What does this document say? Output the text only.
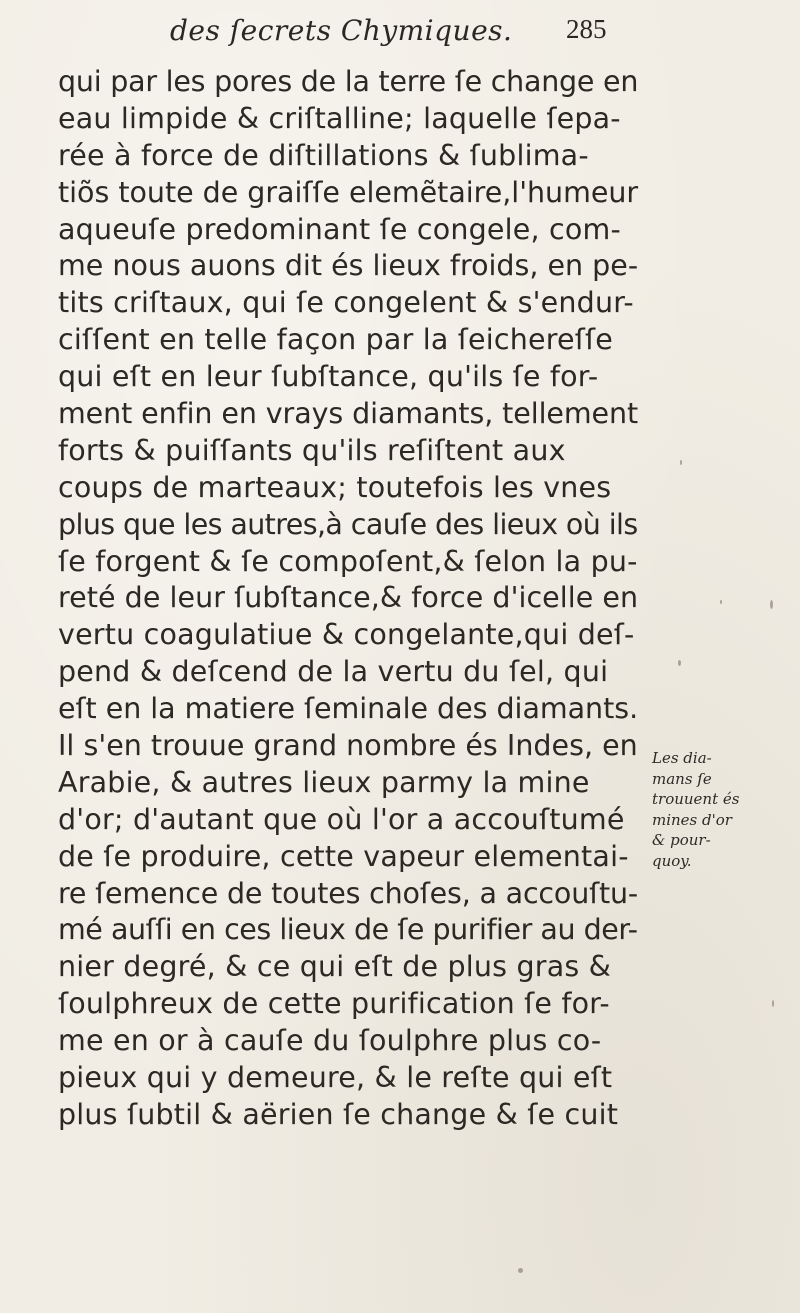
des ſecrets Chymiques. 285
qui par les pores de la terre ſe change en
eau limpide & criſtalline; laquelle ſepa-
rée à force de diſtillations & ſublima-
tiõs toute de graiſſe elemẽtaire,l'humeur
aqueuſe predominant ſe congele, com-
me nous auons dit és lieux froids, en pe-
tits criſtaux, qui ſe congelent & s'endur-
ciſſent en telle façon par la ſeichereſſe
qui eſt en leur ſubſtance, qu'ils ſe for-
ment enfin en vrays diamants, tellement
forts & puiſſants qu'ils reſiſtent aux
coups de marteaux; toutefois les vnes
plus que les autres,à cauſe des lieux où ils
ſe forgent & ſe compoſent,& ſelon la pu-
reté de leur ſubſtance,& force d'icelle en
vertu coagulatiue & congelante,qui deſ-
pend & deſcend de la vertu du ſel, qui
eſt en la matiere ſeminale des diamants.
Il s'en trouue grand nombre és Indes, en
Arabie, & autres lieux parmy la mine
d'or; d'autant que où l'or a accouſtumé
de ſe produire, cette vapeur elementai-
re ſemence de toutes choſes, a accouſtu-
mé auſſi en ces lieux de ſe purifier au der-
nier degré, & ce qui eſt de plus gras &
ſoulphreux de cette purification ſe for-
me en or à cauſe du ſoulphre plus co-
pieux qui y demeure, & le reſte qui eſt
plus ſubtil & aërien ſe change & ſe cuit
Les dia-
mans ſe
trouuent és
mines d'or
& pour-
quoy.
